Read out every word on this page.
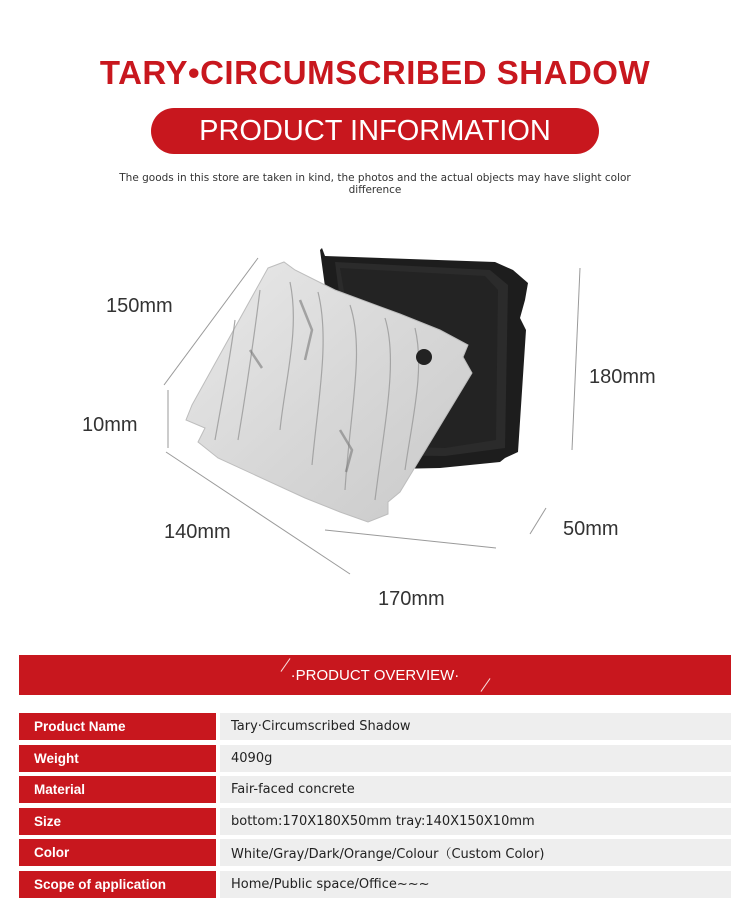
TARY•CIRCUMSCRIBED SHADOW
PRODUCT INFORMATION
The goods in this store are taken in kind, the photos and the actual objects may have slight color difference
150mm
10mm
140mm
170mm
180mm
50mm
·PRODUCT OVERVIEW·
Product Name	Tary·Circumscribed Shadow
Weight	4090g
Material	Fair-faced concrete
Size	bottom:170X180X50mm tray:140X150X10mm
Color	White/Gray/Dark/Orange/Colour（Custom Color)
Scope of application	Home/Public space/Office~~~
